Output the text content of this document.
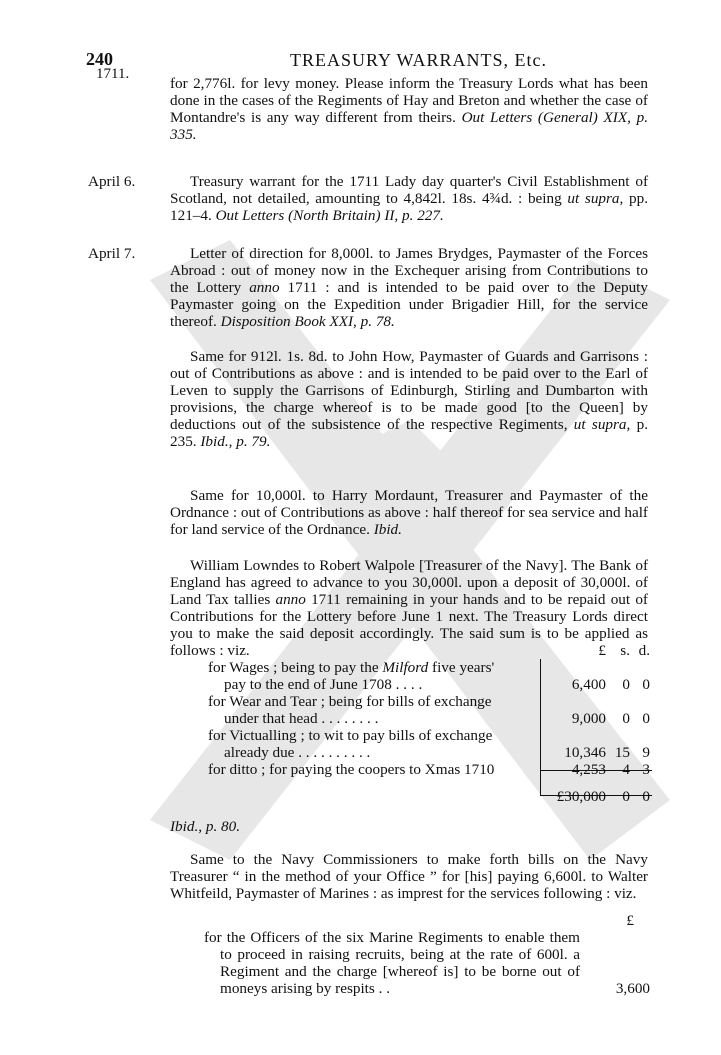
240
1711.
TREASURY WARRANTS, Etc.

for 2,776l. for levy money. Please inform the Treasury Lords what has been done in the cases of the Regiments of Hay and Breton and whether the case of Montandre's is any way different from theirs. Out Letters (General) XIX, p. 335.

April 6.	Treasury warrant for the 1711 Lady day quarter's Civil Establishment of Scotland, not detailed, amounting to 4,842l. 18s. 4¾d. : being ut supra, pp. 121–4. Out Letters (North Britain) II, p. 227.

April 7.	Letter of direction for 8,000l. to James Brydges, Paymaster of the Forces Abroad : out of money now in the Exchequer arising from Contributions to the Lottery anno 1711 : and is intended to be paid over to the Deputy Paymaster going on the Expedition under Brigadier Hill, for the service thereof. Disposition Book XXI, p. 78.

Same for 912l. 1s. 8d. to John How, Paymaster of Guards and Garrisons : out of Contributions as above : and is intended to be paid over to the Earl of Leven to supply the Garrisons of Edinburgh, Stirling and Dumbarton with provisions, the charge whereof is to be made good [to the Queen] by deductions out of the subsistence of the respective Regiments, ut supra, p. 235. Ibid., p. 79.

Same for 10,000l. to Harry Mordaunt, Treasurer and Paymaster of the Ordnance : out of Contributions as above : half thereof for sea service and half for land service of the Ordnance. Ibid.

William Lowndes to Robert Walpole [Treasurer of the Navy]. The Bank of England has agreed to advance to you 30,000l. upon a deposit of 30,000l. of Land Tax tallies anno 1711 remaining in your hands and to be repaid out of Contributions for the Lottery before June 1 next. The Treasury Lords direct you to make the said deposit accordingly. The said sum is to be applied as follows : viz.	£ s. d.
for Wages ; being to pay the Milford five years'
pay to the end of June 1708 . . . .	6,400 0 0
for Wear and Tear ; being for bills of exchange
under that head . . . . . . . .	9,000 0 0
for Victualling ; to wit to pay bills of exchange
already due . . . . . . . . . .	10,346 15 9
for ditto ; for paying the coopers to Xmas 1710	4,253 4 3
£30,000 0 0
Ibid., p. 80.

Same to the Navy Commissioners to make forth bills on the Navy Treasurer “ in the method of your Office ” for [his] paying 6,600l. to Walter Whitfeild, Paymaster of Marines : as imprest for the services following : viz.

£
for the Officers of the six Marine Regiments to enable them to proceed in raising recruits, being at the rate of 600l. a Regiment and the charge [whereof is] to be borne out of moneys arising by respits . .	3,600
